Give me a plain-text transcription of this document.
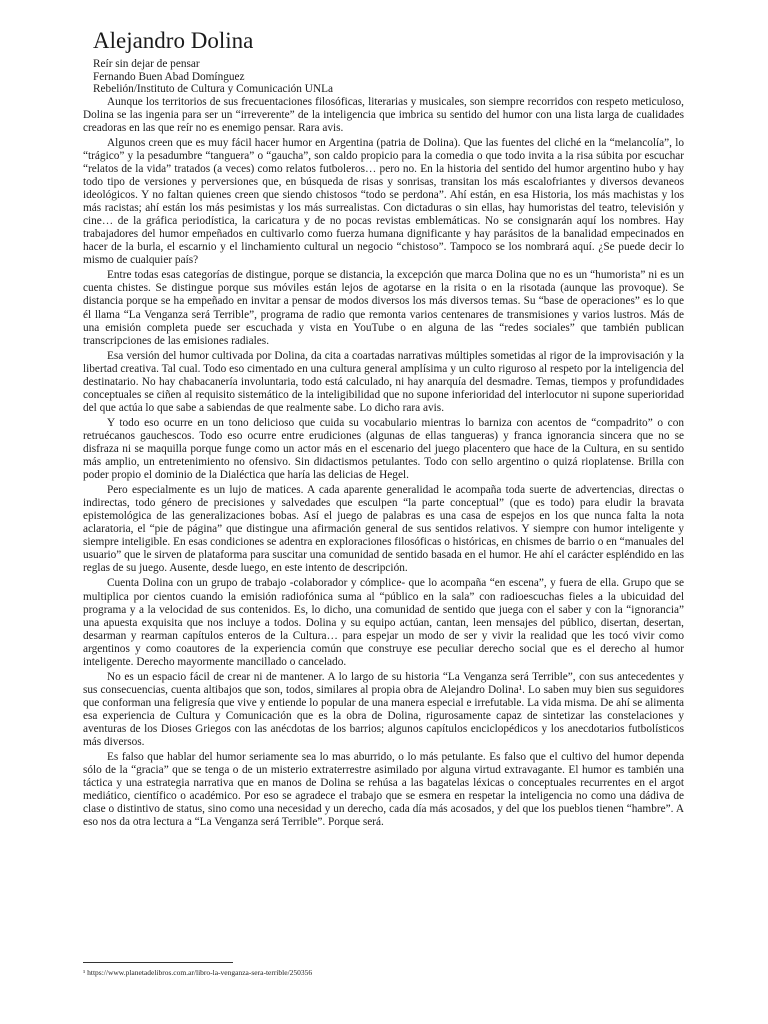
Alejandro Dolina
Reír sin dejar de pensar
Fernando Buen Abad Domínguez
Rebelión/Instituto de Cultura y Comunicación UNLa

Aunque los territorios de sus frecuentaciones filosóficas, literarias y musicales, son siempre recorridos con respeto meticuloso, Dolina se las ingenia para ser un “irreverente” de la inteligencia que imbrica su sentido del humor con una lista larga de cualidades creadoras en las que reír no es enemigo pensar. Rara avis.

Algunos creen que es muy fácil hacer humor en Argentina (patria de Dolina). Que las fuentes del cliché en la “melancolía”, lo “trágico” y la pesadumbre “tanguera” o “gaucha”, son caldo propicio para la comedia o que todo invita a la risa súbita por escuchar “relatos de la vida” tratados (a veces) como relatos futboleros… pero no. En la historia del sentido del humor argentino hubo y hay todo tipo de versiones y perversiones que, en búsqueda de risas y sonrisas, transitan los más escalofriantes y diversos devaneos ideológicos. Y no faltan quienes creen que siendo chistosos “todo se perdona”. Ahí están, en esa Historia, los más machistas y los más racistas; ahí están los más pesimistas y los más surrealistas. Con dictaduras o sin ellas, hay humoristas del teatro, televisión y cine… de la gráfica periodística, la caricatura y de no pocas revistas emblemáticas. No se consignarán aquí los nombres. Hay trabajadores del humor empeñados en cultivarlo como fuerza humana dignificante y hay parásitos de la banalidad empecinados en hacer de la burla, el escarnio y el linchamiento cultural un negocio “chistoso”. Tampoco se los nombrará aquí. ¿Se puede decir lo mismo de cualquier país?

Entre todas esas categorías de distingue, porque se distancia, la excepción que marca Dolina que no es un “humorista” ni es un cuenta chistes. Se distingue porque sus móviles están lejos de agotarse en la risita o en la risotada (aunque las provoque). Se distancia porque se ha empeñado en invitar a pensar de modos diversos los más diversos temas. Su “base de operaciones” es lo que él llama “La Venganza será Terrible”, programa de radio que remonta varios centenares de transmisiones y varios lustros. Más de una emisión completa puede ser escuchada y vista en YouTube o en alguna de las “redes sociales” que también publican transcripciones de las emisiones radiales.

Esa versión del humor cultivada por Dolina, da cita a coartadas narrativas múltiples sometidas al rigor de la improvisación y la libertad creativa. Tal cual. Todo eso cimentado en una cultura general amplísima y un culto riguroso al respeto por la inteligencia del destinatario. No hay chabacanería involuntaria, todo está calculado, ni hay anarquía del desmadre. Temas, tiempos y profundidades conceptuales se ciñen al requisito sistemático de la inteligibilidad que no supone inferioridad del interlocutor ni supone superioridad del que actúa lo que sabe a sabiendas de que realmente sabe. Lo dicho rara avis.

Y todo eso ocurre en un tono delicioso que cuida su vocabulario mientras lo barniza con acentos de “compadrito” o con retruécanos gauchescos. Todo eso ocurre entre erudiciones (algunas de ellas tangueras) y franca ignorancia sincera que no se disfraza ni se maquilla porque funge como un actor más en el escenario del juego placentero que hace de la Cultura, en su sentido más amplio, un entretenimiento no ofensivo. Sin didactismos petulantes. Todo con sello argentino o quizá rioplatense. Brilla con poder propio el dominio de la Dialéctica que haría las delicias de Hegel.

Pero especialmente es un lujo de matices. A cada aparente generalidad le acompaña toda suerte de advertencias, directas o indirectas, todo género de precisiones y salvedades que esculpen “la parte conceptual” (que es todo) para eludir la bravata epistemológica de las generalizaciones bobas. Así el juego de palabras es una casa de espejos en los que nunca falta la nota aclaratoria, el “pie de página” que distingue una afirmación general de sus sentidos relativos. Y siempre con humor inteligente y siempre inteligible. En esas condiciones se adentra en exploraciones filosóficas o históricas, en chismes de barrio o en “manuales del usuario” que le sirven de plataforma para suscitar una comunidad de sentido basada en el humor. He ahí el carácter espléndido en las reglas de su juego. Ausente, desde luego, en este intento de descripción.

Cuenta Dolina con un grupo de trabajo -colaborador y cómplice- que lo acompaña “en escena”, y fuera de ella. Grupo que se multiplica por cientos cuando la emisión radiofónica suma al “público en la sala” con radioescuchas fieles a la ubicuidad del programa y a la velocidad de sus contenidos. Es, lo dicho, una comunidad de sentido que juega con el saber y con la “ignorancia” una apuesta exquisita que nos incluye a todos. Dolina y su equipo actúan, cantan, leen mensajes del público, disertan, desertan, desarman y rearman capítulos enteros de la Cultura… para espejar un modo de ser y vivir la realidad que les tocó vivir como argentinos y como coautores de la experiencia común que construye ese peculiar derecho social que es el derecho al humor inteligente. Derecho mayormente mancillado o cancelado.

No es un espacio fácil de crear ni de mantener. A lo largo de su historia “La Venganza será Terrible”, con sus antecedentes y sus consecuencias, cuenta altibajos que son, todos, similares al propia obra de Alejandro Dolina¹. Lo saben muy bien sus seguidores que conforman una feligresía que vive y entiende lo popular de una manera especial e irrefutable. La vida misma. De ahí se alimenta esa experiencia de Cultura y Comunicación que es la obra de Dolina, rigurosamente capaz de sintetizar las constelaciones y aventuras de los Dioses Griegos con las anécdotas de los barrios; algunos capítulos enciclopédicos y los anecdotarios futbolísticos más diversos.

Es falso que hablar del humor seriamente sea lo mas aburrido, o lo más petulante. Es falso que el cultivo del humor dependa sólo de la “gracia” que se tenga o de un misterio extraterrestre asimilado por alguna virtud extravagante. El humor es también una táctica y una estrategia narrativa que en manos de Dolina se rehúsa a las bagatelas léxicas o conceptuales recurrentes en el argot mediático, científico o académico. Por eso se agradece el trabajo que se esmera en respetar la inteligencia no como una dádiva de clase o distintivo de status, sino como una necesidad y un derecho, cada día más acosados, y del que los pueblos tienen “hambre”. A eso nos da otra lectura a “La Venganza será Terrible”. Porque será.

¹ https://www.planetadelibros.com.ar/libro-la-venganza-sera-terrible/250356
